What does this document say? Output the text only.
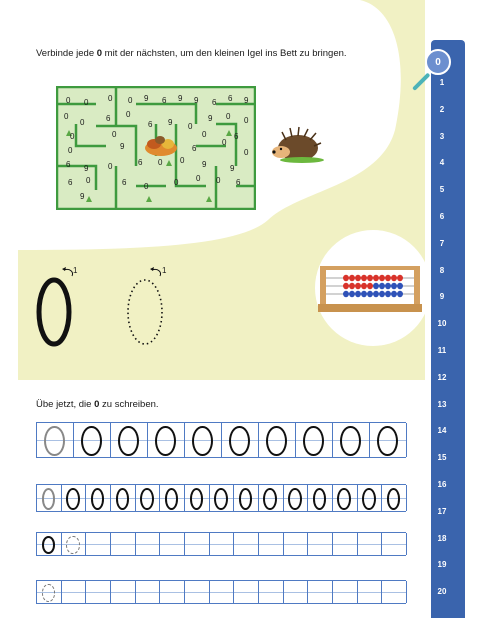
Verbinde jede 0 mit der nächsten, um den kleinen Igel ins Bett zu bringen.
0 0 0 0 9 6 9 9 6 6 9
0	6 0	9 0 0
0	6 9 0
0	0	0	6
0	9	6
0
0
6 9 0	6 0 0 9	9
6 0	6 0	0 0 0 6
9
1	1
Übe jetzt, die 0 zu schreiben.
1
2
3
4
5
6
7
8
9
10
11
12
13
14
15
16
17
18
19
20
0
